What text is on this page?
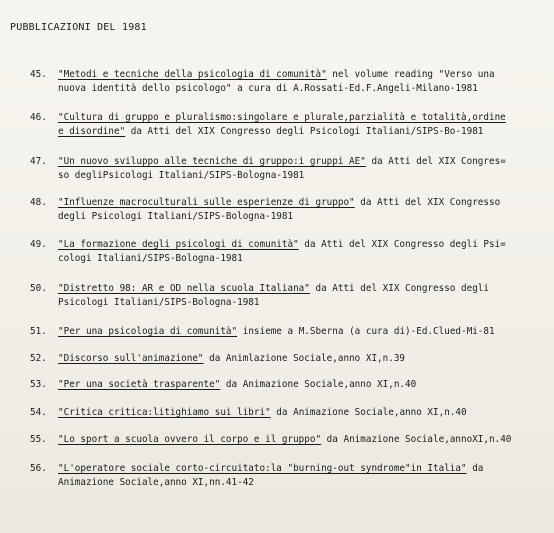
PUBBLICAZIONI DEL 1981
45. "Metodi e tecniche della psicologia di comunità" nel volume reading "Verso una
nuova identità dello psicologo" a cura di A.Rossati-Ed.F.Angeli-Milano-1981
46. "Cultura di gruppo e pluralismo:singolare e plurale,parzialità e totalità,ordine
e disordine" da Atti del XIX Congresso degli Psicologi Italiani/SIPS-Bo-1981
47. "Un nuovo sviluppo alle tecniche di gruppo:i gruppi AE" da Atti del XIX Congres=
so degliPsicologi Italiani/SIPS-Bologna-1981
48. "Influenze macroculturali sulle esperienze di gruppo" da Atti del XIX Congresso
degli Psicologi Italiani/SIPS-Bologna-1981
49. "La formazione degli psicologi di comunità" da Atti del XIX Congresso degli Psi=
cologi Italiani/SIPS-Bologna-1981
50. "Distretto 98: AR e OD nella scuola Italiana" da Atti del XIX Congresso degli
Psicologi Italiani/SIPS-Bologna-1981
51. "Per una psicologia di comunità" insieme a M.Sberna (a cura di)-Ed.Clued-Mi-81
52. "Discorso sull'animazione" da Animlazione Sociale,anno XI,n.39
53. "Per una società trasparente" da Animazione Sociale,anno XI,n.40
54. "Critica critica:litighiamo sui libri" da Animazione Sociale,anno XI,n.40
55. "Lo sport a scuola ovvero il corpo e il gruppo" da Animazione Sociale,annoXI,n.40
56. "L'operatore sociale corto-circuitato:la "burning-out syndrome"in Italia" da
Animazione Sociale,anno XI,nn.41-42
